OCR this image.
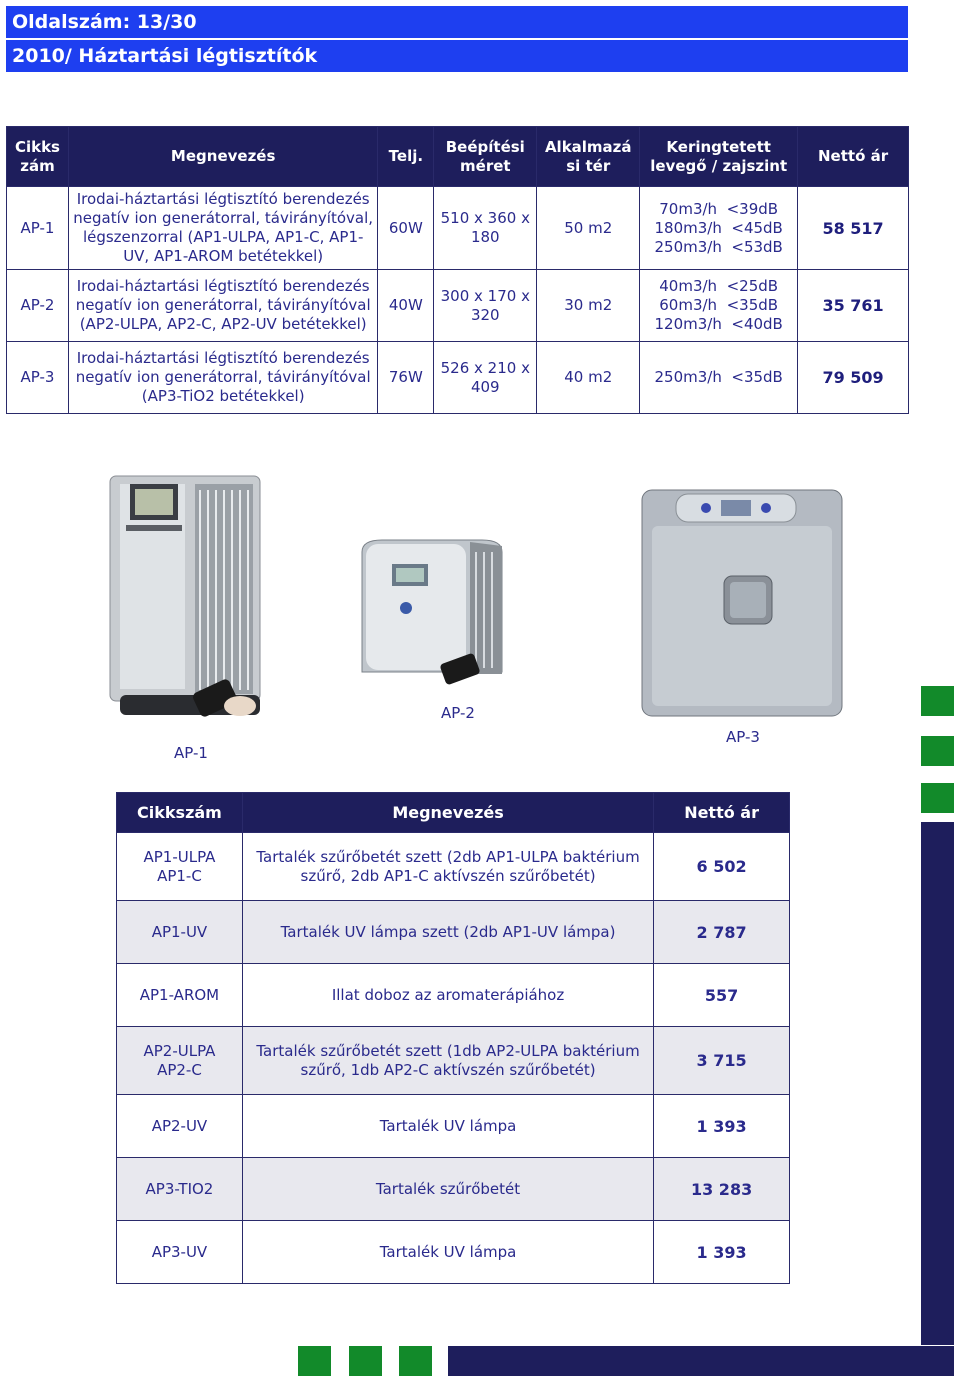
Oldalszám: 13/30
2010/ Háztartási légtisztítók
Cikks
zám	Megnevezés	Telj.	Beépítési
méret	Alkalmazá
si tér	Keringtetett
levegő / zajszint	Nettó ár
AP-1	Irodai-háztartási légtisztító berendezés
negatív ion generátorral, távirányítóval,
légszenzorral (AP1-ULPA, AP1-C, AP1-
UV, AP1-AROM betétekkel)	60W	510 x 360 x
180	50 m2	70m3/h  <39dB
180m3/h  <45dB
250m3/h  <53dB	58 517
AP-2	Irodai-háztartási légtisztító berendezés
negatív ion generátorral, távirányítóval
(AP2-ULPA, AP2-C, AP2-UV betétekkel)	40W	300 x 170 x
320	30 m2	40m3/h  <25dB
60m3/h  <35dB
120m3/h  <40dB	35 761
AP-3	Irodai-háztartási légtisztító berendezés
negatív ion generátorral, távirányítóval
(AP3-TiO2 betétekkel)	76W	526 x 210 x
409	40 m2	250m3/h  <35dB	79 509
AP-1
AP-2
AP-3
Cikkszám	Megnevezés	Nettó ár
AP1-ULPA
AP1-C	Tartalék szűrőbetét szett (2db AP1-ULPA baktérium
szűrő, 2db AP1-C aktívszén szűrőbetét)	6 502
AP1-UV	Tartalék UV lámpa szett (2db AP1-UV lámpa)	2 787
AP1-AROM	Illat doboz az aromaterápiához	557
AP2-ULPA
AP2-C	Tartalék szűrőbetét szett (1db AP2-ULPA baktérium
szűrő, 1db AP2-C aktívszén szűrőbetét)	3 715
AP2-UV	Tartalék UV lámpa	1 393
AP3-TIO2	Tartalék szűrőbetét	13 283
AP3-UV	Tartalék UV lámpa	1 393
